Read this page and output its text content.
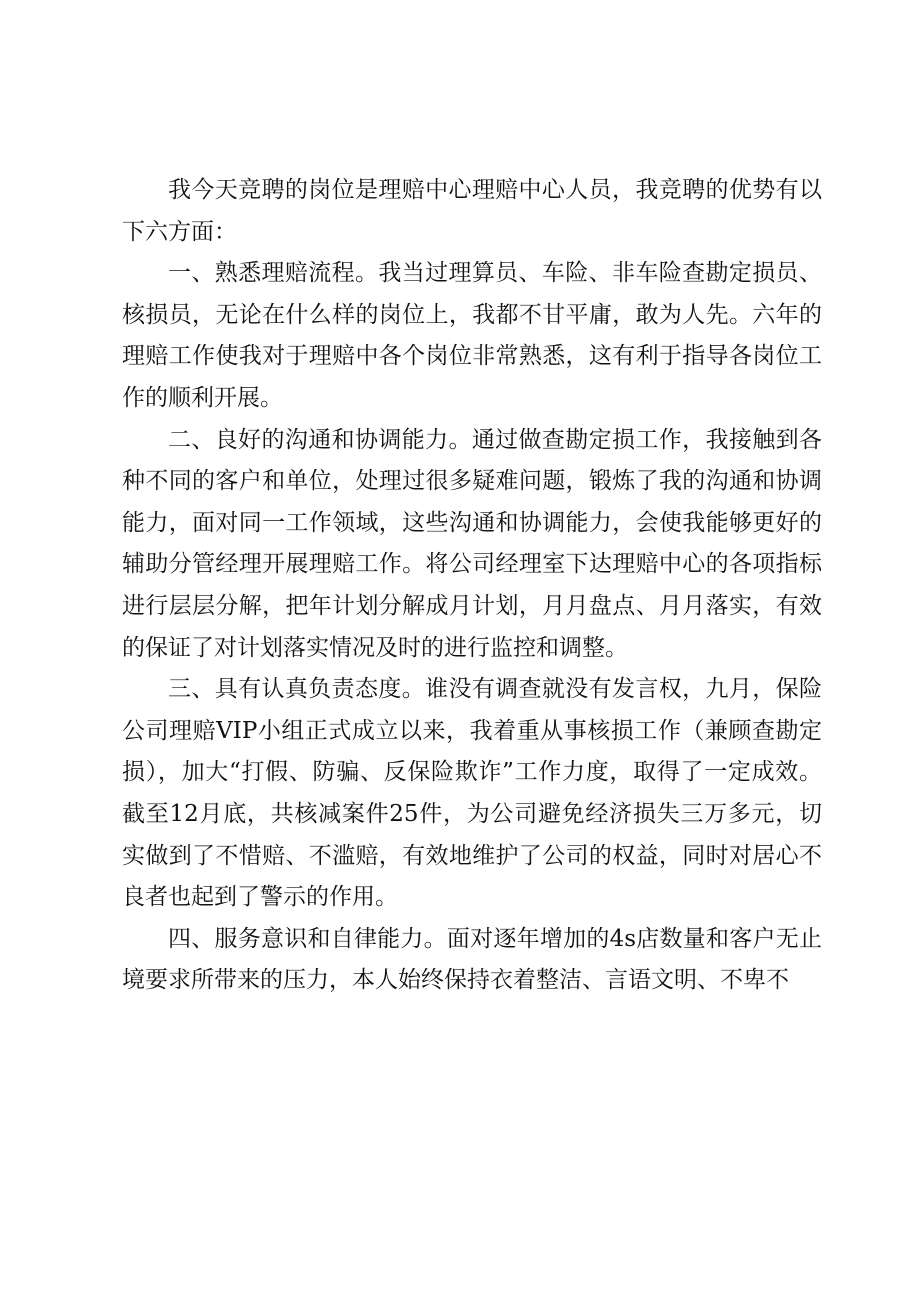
我今天竞聘的岗位是理赔中心理赔中心人员，我竞聘的优势有以下六方面：

一、熟悉理赔流程。我当过理算员、车险、非车险查勘定损员、核损员，无论在什么样的岗位上，我都不甘平庸，敢为人先。六年的理赔工作使我对于理赔中各个岗位非常熟悉，这有利于指导各岗位工作的顺利开展。

二、良好的沟通和协调能力。通过做查勘定损工作，我接触到各种不同的客户和单位，处理过很多疑难问题，锻炼了我的沟通和协调能力，面对同一工作领域，这些沟通和协调能力，会使我能够更好的辅助分管经理开展理赔工作。将公司经理室下达理赔中心的各项指标进行层层分解，把年计划分解成月计划，月月盘点、月月落实，有效的保证了对计划落实情况及时的进行监控和调整。

三、具有认真负责态度。谁没有调查就没有发言权，九月，保险公司理赔VIP小组正式成立以来，我着重从事核损工作（兼顾查勘定损），加大“打假、防骗、反保险欺诈”工作力度，取得了一定成效。截至12月底，共核减案件25件，为公司避免经济损失三万多元，切实做到了不惜赔、不滥赔，有效地维护了公司的权益，同时对居心不良者也起到了警示的作用。

四、服务意识和自律能力。面对逐年增加的4s店数量和客户无止境要求所带来的压力，本人始终保持衣着整洁、言语文明、不卑不
